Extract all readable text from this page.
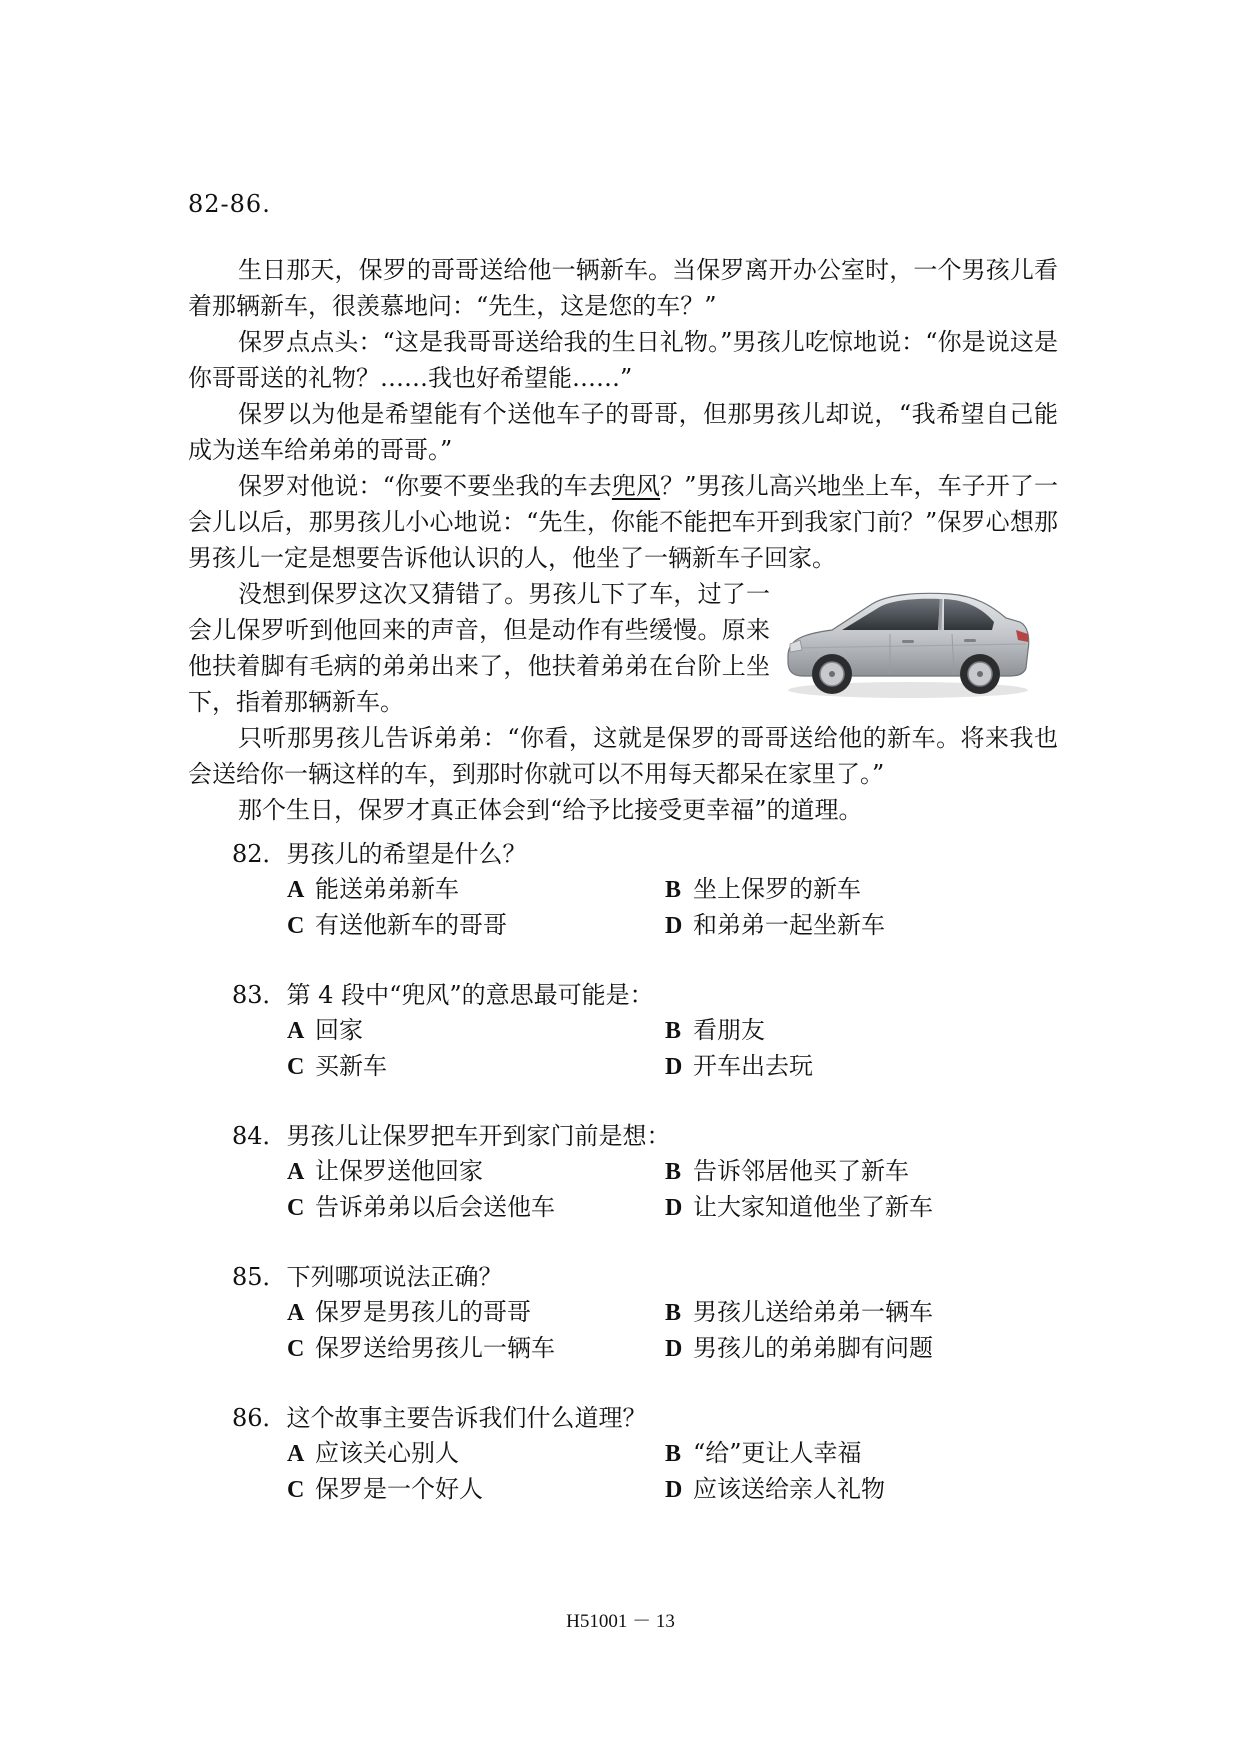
82-86.

生日那天，保罗的哥哥送给他一辆新车。当保罗离开办公室时，一个男孩儿看着那辆新车，很羡慕地问：“先生，这是您的车？”

保罗点点头：“这是我哥哥送给我的生日礼物。”男孩儿吃惊地说：“你是说这是你哥哥送的礼物？……我也好希望能……”

保罗以为他是希望能有个送他车子的哥哥，但那男孩儿却说，“我希望自己能成为送车给弟弟的哥哥。”

保罗对他说：“你要不要坐我的车去兜风？”男孩儿高兴地坐上车，车子开了一会儿以后，那男孩儿小心地说：“先生，你能不能把车开到我家门前？”保罗心想那男孩儿一定是想要告诉他认识的人，他坐了一辆新车子回家。

没想到保罗这次又猜错了。男孩儿下了车，过了一会儿保罗听到他回来的声音，但是动作有些缓慢。原来他扶着脚有毛病的弟弟出来了，他扶着弟弟在台阶上坐下，指着那辆新车。

只听那男孩儿告诉弟弟：“你看，这就是保罗的哥哥送给他的新车。将来我也会送给你一辆这样的车，到那时你就可以不用每天都呆在家里了。”

那个生日，保罗才真正体会到“给予比接受更幸福”的道理。

82．男孩儿的希望是什么？

A 能送弟弟新车	B 坐上保罗的新车
C 有送他新车的哥哥	D 和弟弟一起坐新车

83．第 4 段中“兜风”的意思最可能是：

A 回家	B 看朋友
C 买新车	D 开车出去玩

84．男孩儿让保罗把车开到家门前是想：

A 让保罗送他回家	B 告诉邻居他买了新车
C 告诉弟弟以后会送他车	D 让大家知道他坐了新车

85．下列哪项说法正确？

A 保罗是男孩儿的哥哥	B 男孩儿送给弟弟一辆车
C 保罗送给男孩儿一辆车	D 男孩儿的弟弟脚有问题

86．这个故事主要告诉我们什么道理？

A 应该关心别人	B “给”更让人幸福
C 保罗是一个好人	D 应该送给亲人礼物
H51001 － 13
